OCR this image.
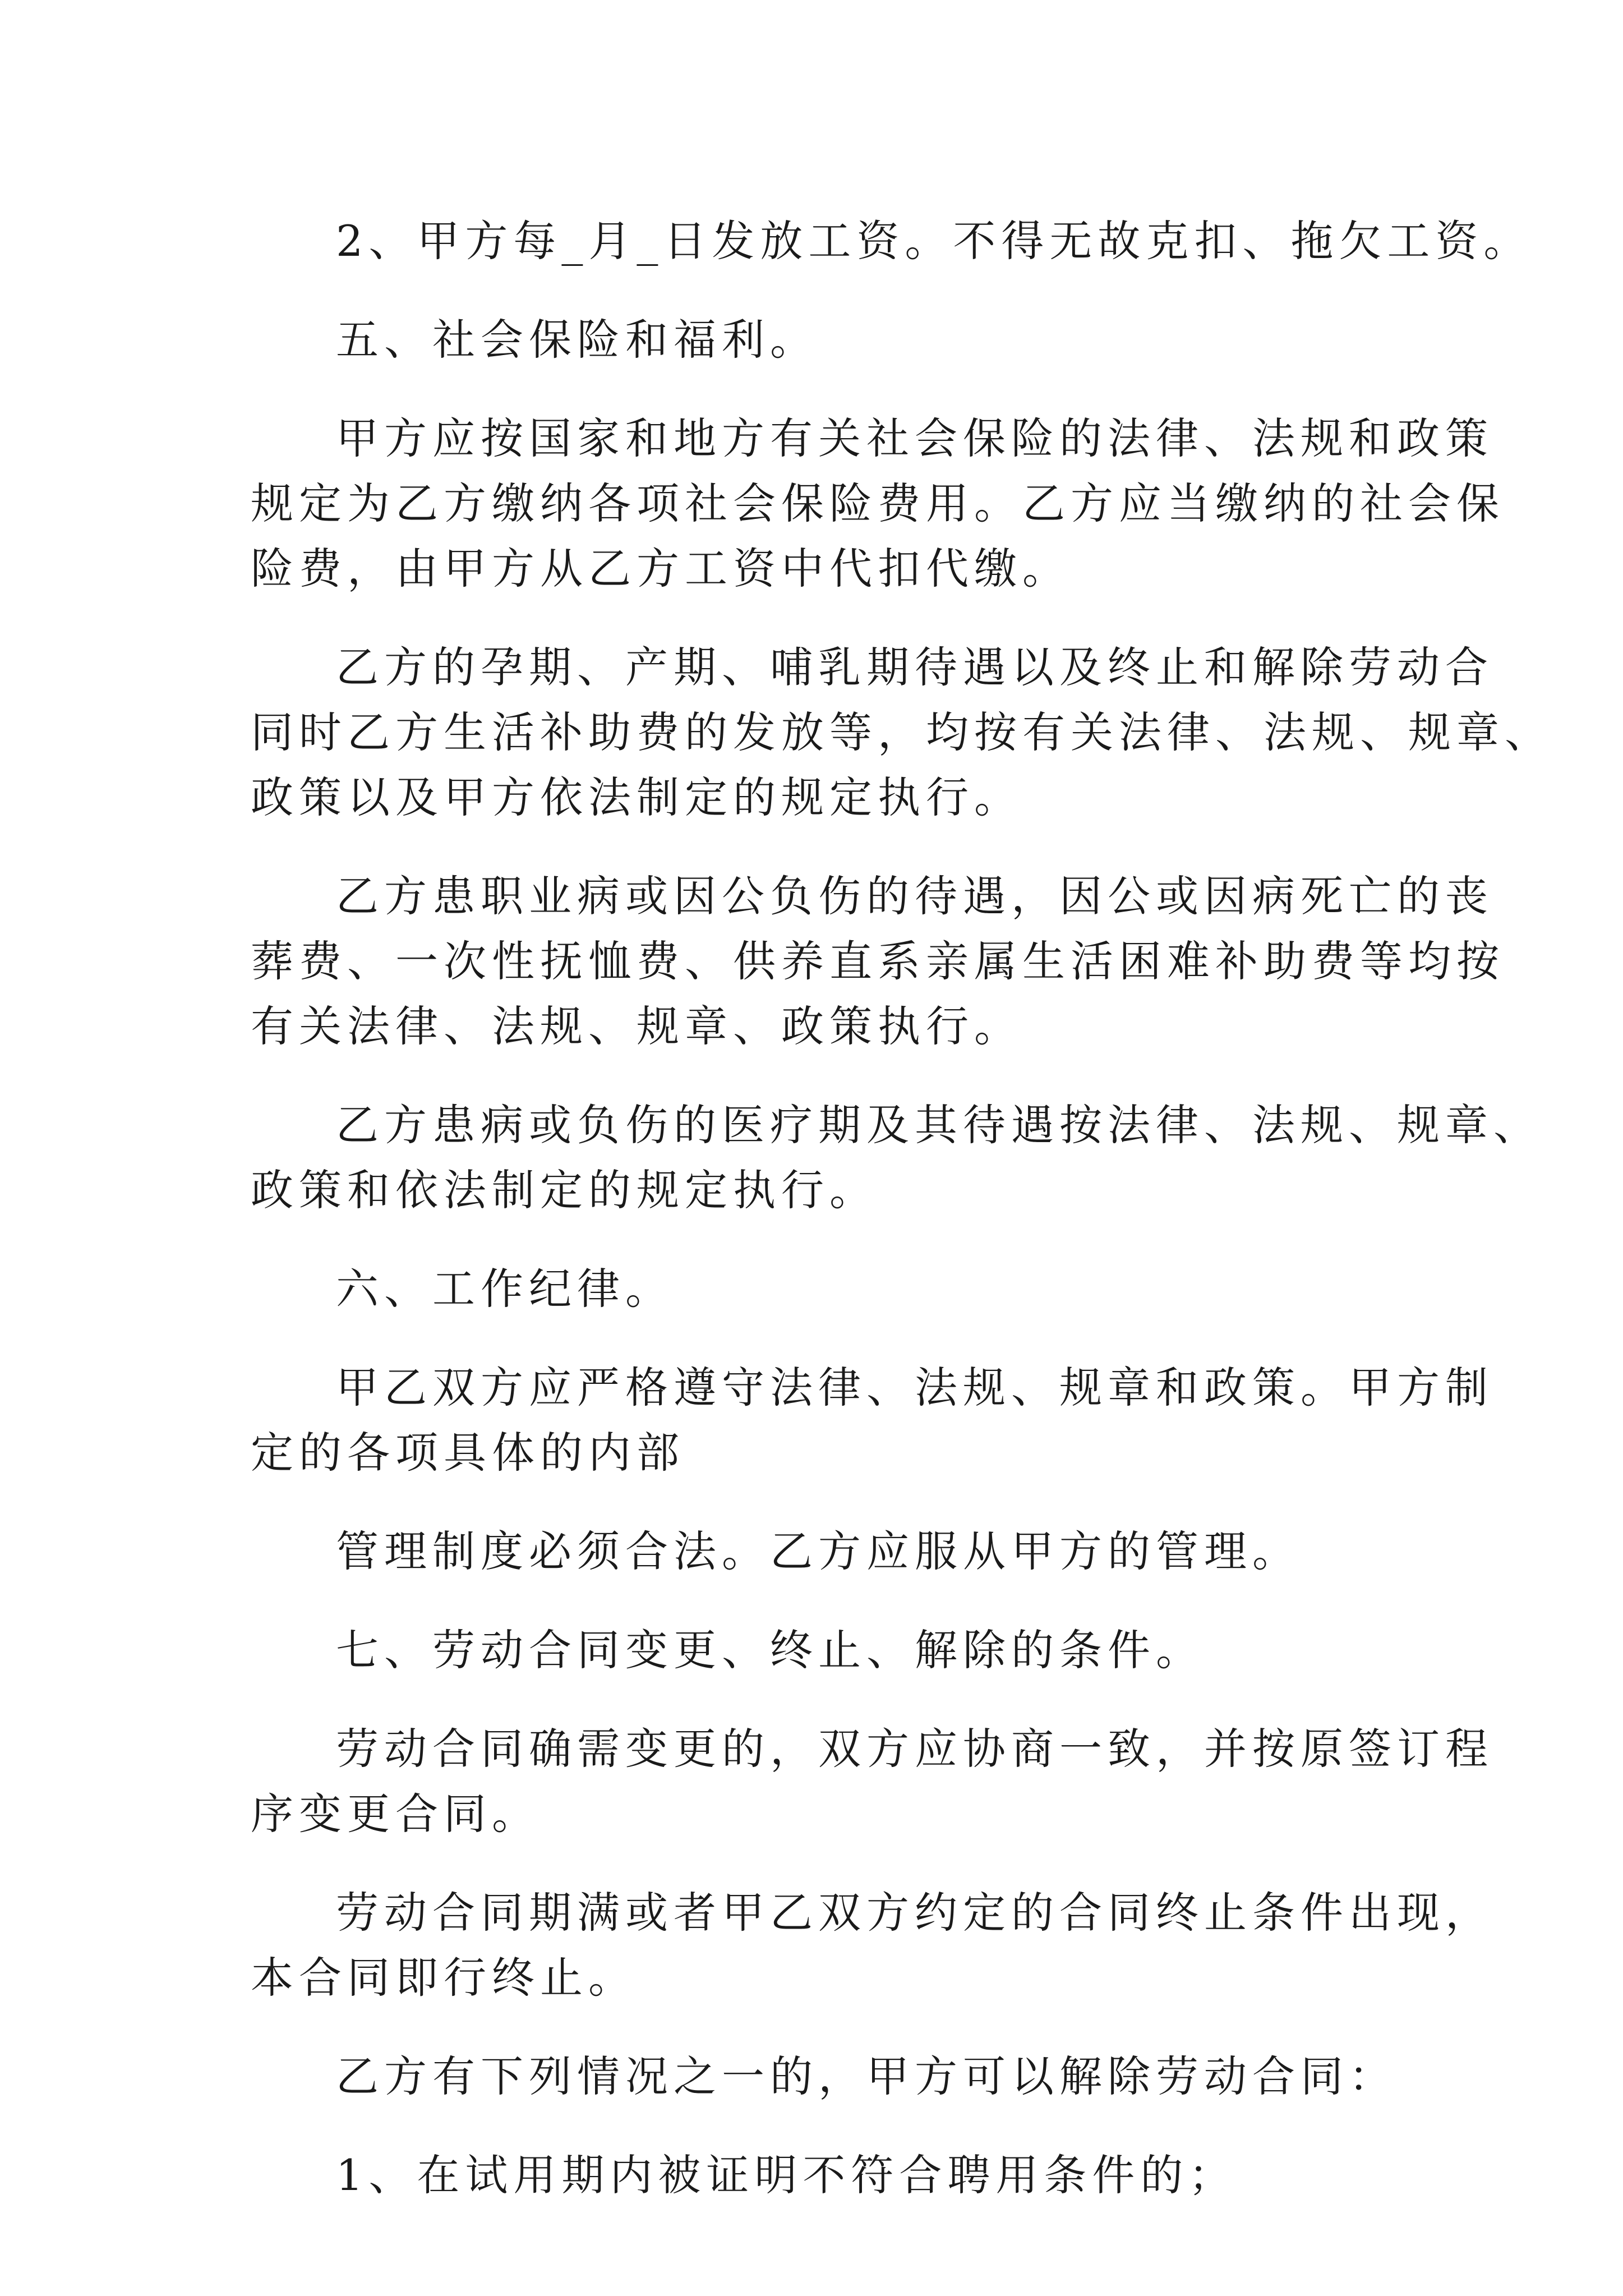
2、甲方每_月_日发放工资。不得无故克扣、拖欠工资。
五、社会保险和福利。
甲方应按国家和地方有关社会保险的法律、法规和政策
规定为乙方缴纳各项社会保险费用。乙方应当缴纳的社会保
险费，由甲方从乙方工资中代扣代缴。
乙方的孕期、产期、哺乳期待遇以及终止和解除劳动合
同时乙方生活补助费的发放等，均按有关法律、法规、规章、
政策以及甲方依法制定的规定执行。
乙方患职业病或因公负伤的待遇，因公或因病死亡的丧
葬费、一次性抚恤费、供养直系亲属生活困难补助费等均按
有关法律、法规、规章、政策执行。
乙方患病或负伤的医疗期及其待遇按法律、法规、规章、
政策和依法制定的规定执行。
六、工作纪律。
甲乙双方应严格遵守法律、法规、规章和政策。甲方制
定的各项具体的内部
管理制度必须合法。乙方应服从甲方的管理。
七、劳动合同变更、终止、解除的条件。
劳动合同确需变更的，双方应协商一致，并按原签订程
序变更合同。
劳动合同期满或者甲乙双方约定的合同终止条件出现，
本合同即行终止。
乙方有下列情况之一的，甲方可以解除劳动合同：
1、在试用期内被证明不符合聘用条件的；
